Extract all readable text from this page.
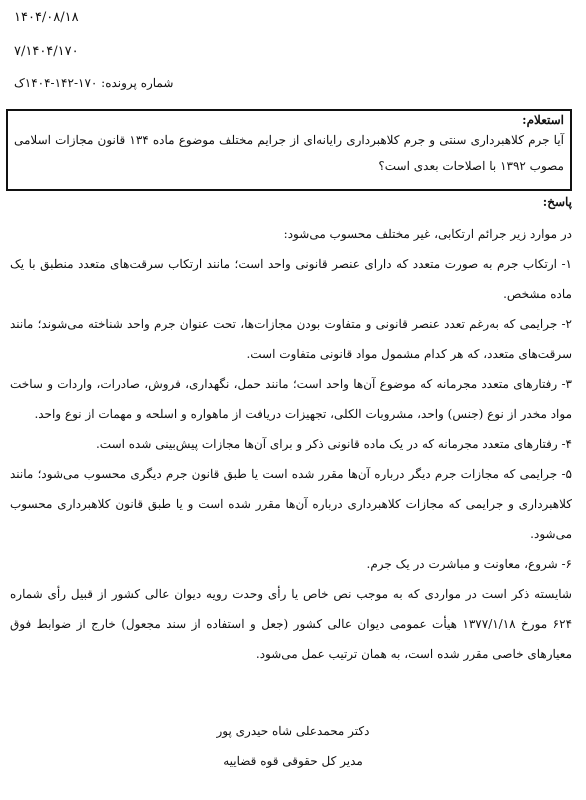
۱۴۰۴/۰۸/۱۸
۷/۱۴۰۴/۱۷۰
شماره پرونده: ۱۷۰-۱۴۲-۱۴۰۴ک
استعلام:
آیا جرم کلاهبرداری سنتی و جرم کلاهبرداری رایانه‌ای از جرایم مختلف موضوع ماده ۱۳۴ قانون مجازات اسلامی مصوب ۱۳۹۲ با اصلاحات بعدی است؟
پاسخ:
در موارد زیر جرائم ارتکابی، غیر مختلف محسوب می‌شود:
۱- ارتکاب جرم به صورت متعدد که دارای عنصر قانونی واحد است؛ مانند ارتکاب سرقت‌های متعدد منطبق با یک ماده مشخص.
۲- جرایمی که به‌رغم تعدد عنصر قانونی و متفاوت بودن مجازات‌ها، تحت عنوان جرم واحد شناخته می‌شوند؛ مانند سرقت‌های متعدد، که هر کدام مشمول مواد قانونی متفاوت است.
۳- رفتارهای متعدد مجرمانه که موضوع آن‌ها واحد است؛ مانند حمل، نگهداری، فروش، صادرات، واردات و ساخت مواد مخدر از نوع (جنس) واحد، مشروبات الکلی، تجهیزات دریافت از ماهواره و اسلحه و مهمات از نوع واحد.
۴- رفتارهای متعدد مجرمانه که در یک ماده قانونی ذکر و برای آن‌ها مجازات پیش‌بینی شده است.
۵- جرایمی که مجازات جرم دیگر درباره آن‌ها مقرر شده است یا طبق قانون جرم دیگری محسوب می‌شود؛ مانند کلاهبرداری و جرایمی که مجازات کلاهبرداری درباره آن‌ها مقرر شده است و یا طبق قانون کلاهبرداری محسوب می‌شود.
۶- شروع، معاونت و مباشرت در یک جرم.
شایسته ذکر است در مواردی که به موجب نص خاص یا رأی وحدت رویه دیوان عالی کشور از قبیل رأی شماره ۶۲۴ مورخ ۱۳۷۷/۱/۱۸ هیأت عمومی دیوان عالی کشور (جعل و استفاده از سند مجعول) خارج از ضوابط فوق معیارهای خاصی مقرر شده است، به همان ترتیب عمل می‌شود.
دکتر محمدعلی شاه حیدری پور
مدیر کل حقوقی قوه قضاییه
